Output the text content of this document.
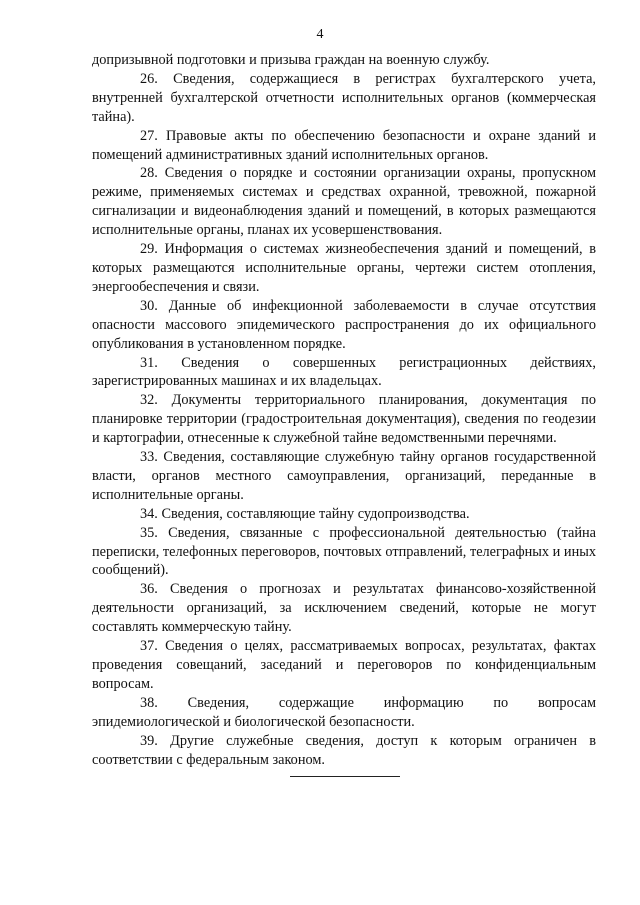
4

допризывной подготовки и призыва граждан на военную службу.

26. Сведения, содержащиеся в регистрах бухгалтерского учета, внутренней бухгалтерской отчетности исполнительных органов (коммерческая тайна).

27. Правовые акты по обеспечению безопасности и охране зданий и помещений административных зданий исполнительных органов.

28. Сведения о порядке и состоянии организации охраны, пропускном режиме, применяемых системах и средствах охранной, тревожной, пожарной сигнализации и видеонаблюдения зданий и помещений, в которых размещаются исполнительные органы, планах их усовершенствования.

29. Информация о системах жизнеобеспечения зданий и помещений, в которых размещаются исполнительные органы, чертежи систем отопления, энергообеспечения и связи.

30. Данные об инфекционной заболеваемости в случае отсутствия опасности массового эпидемического распространения до их официального опубликования в установленном порядке.

31. Сведения о совершенных регистрационных действиях, зарегистрированных машинах и их владельцах.

32. Документы территориального планирования, документация по планировке территории (градостроительная документация), сведения по геодезии и картографии, отнесенные к служебной тайне ведомственными перечнями.

33. Сведения, составляющие служебную тайну органов государственной власти, органов местного самоуправления, организаций, переданные в исполнительные органы.

34. Сведения, составляющие тайну судопроизводства.

35. Сведения, связанные с профессиональной деятельностью (тайна переписки, телефонных переговоров, почтовых отправлений, телеграфных и иных сообщений).

36. Сведения о прогнозах и результатах финансово-хозяйственной деятельности организаций, за исключением сведений, которые не могут составлять коммерческую тайну.

37. Сведения о целях, рассматриваемых вопросах, результатах, фактах проведения совещаний, заседаний и переговоров по конфиденциальным вопросам.

38. Сведения, содержащие информацию по вопросам эпидемиологической и биологической безопасности.

39. Другие служебные сведения, доступ к которым ограничен в соответствии с федеральным законом.
